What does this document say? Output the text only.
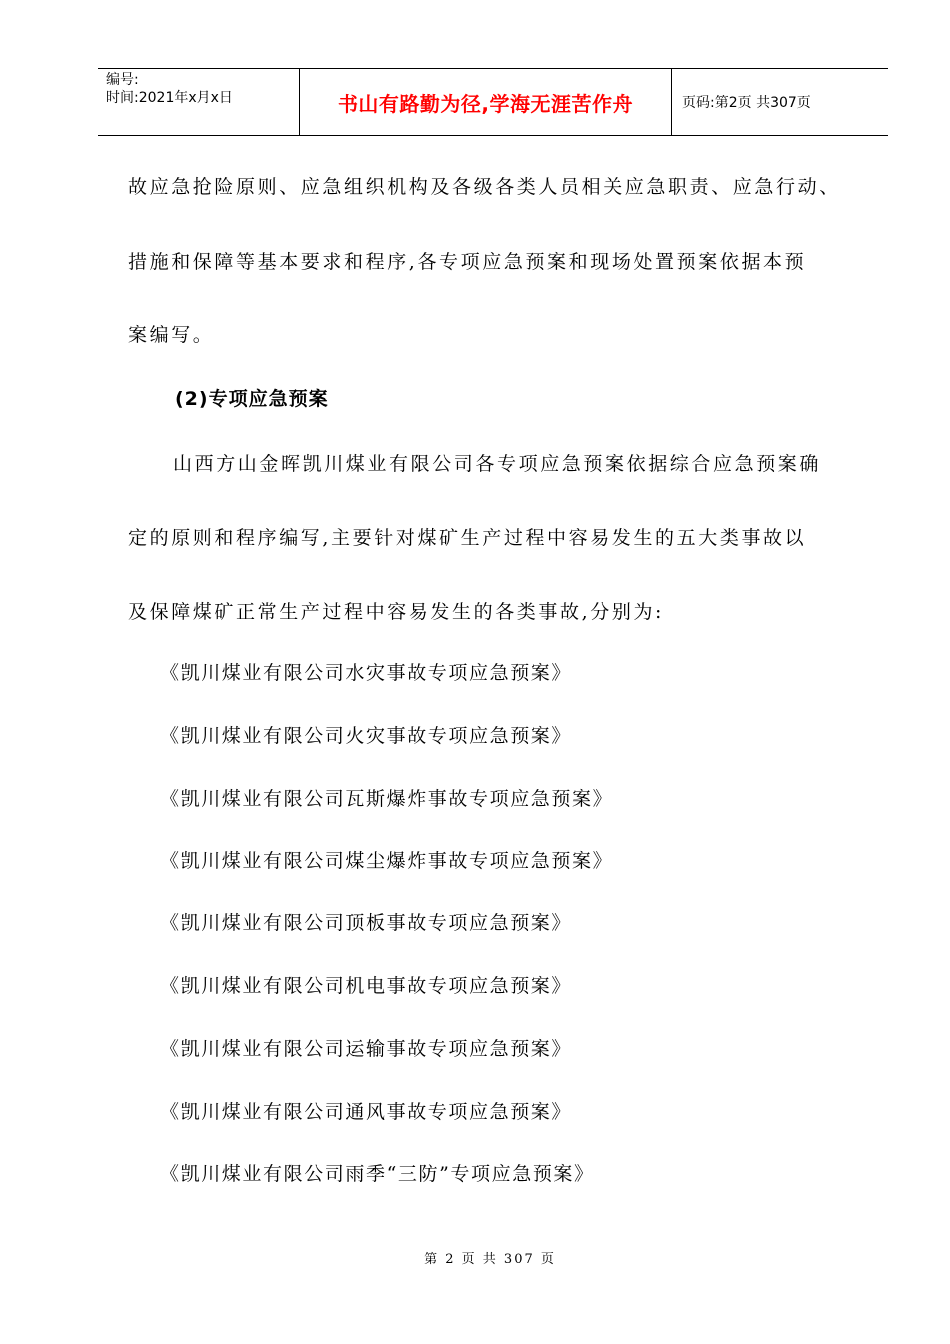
编号:
时间:2021年x月x日	书山有路勤为径,学海无涯苦作舟	页码:第2页 共307页
故应急抢险原则、应急组织机构及各级各类人员相关应急职责、应急行动、
措施和保障等基本要求和程序,各专项应急预案和现场处置预案依据本预
案编写。
(2)专项应急预案
山西方山金晖凯川煤业有限公司各专项应急预案依据综合应急预案确
定的原则和程序编写,主要针对煤矿生产过程中容易发生的五大类事故以
及保障煤矿正常生产过程中容易发生的各类事故,分别为:
《凯川煤业有限公司水灾事故专项应急预案》
《凯川煤业有限公司火灾事故专项应急预案》
《凯川煤业有限公司瓦斯爆炸事故专项应急预案》
《凯川煤业有限公司煤尘爆炸事故专项应急预案》
《凯川煤业有限公司顶板事故专项应急预案》
《凯川煤业有限公司机电事故专项应急预案》
《凯川煤业有限公司运输事故专项应急预案》
《凯川煤业有限公司通风事故专项应急预案》
《凯川煤业有限公司雨季“三防”专项应急预案》
第 2 页 共 307 页
